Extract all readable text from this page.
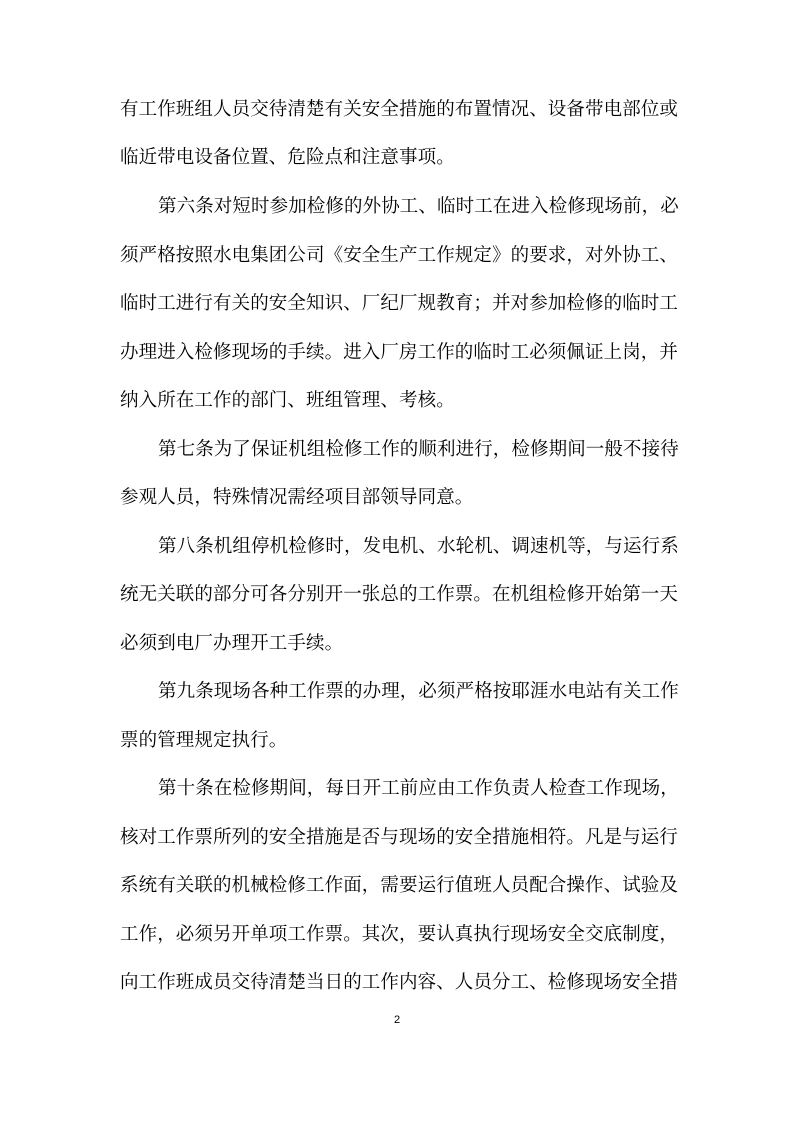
有工作班组人员交待清楚有关安全措施的布置情况、设备带电部位或
临近带电设备位置、危险点和注意事项。
第六条对短时参加检修的外协工、临时工在进入检修现场前，必
须严格按照水电集团公司《安全生产工作规定》的要求，对外协工、
临时工进行有关的安全知识、厂纪厂规教育；并对参加检修的临时工
办理进入检修现场的手续。进入厂房工作的临时工必须佩证上岗，并
纳入所在工作的部门、班组管理、考核。
第七条为了保证机组检修工作的顺利进行，检修期间一般不接待
参观人员，特殊情况需经项目部领导同意。
第八条机组停机检修时，发电机、水轮机、调速机等，与运行系
统无关联的部分可各分别开一张总的工作票。在机组检修开始第一天
必须到电厂办理开工手续。
第九条现场各种工作票的办理，必须严格按耶涯水电站有关工作
票的管理规定执行。
第十条在检修期间，每日开工前应由工作负责人检查工作现场，
核对工作票所列的安全措施是否与现场的安全措施相符。凡是与运行
系统有关联的机械检修工作面，需要运行值班人员配合操作、试验及
工作，必须另开单项工作票。其次，要认真执行现场安全交底制度，
向工作班成员交待清楚当日的工作内容、人员分工、检修现场安全措
2
